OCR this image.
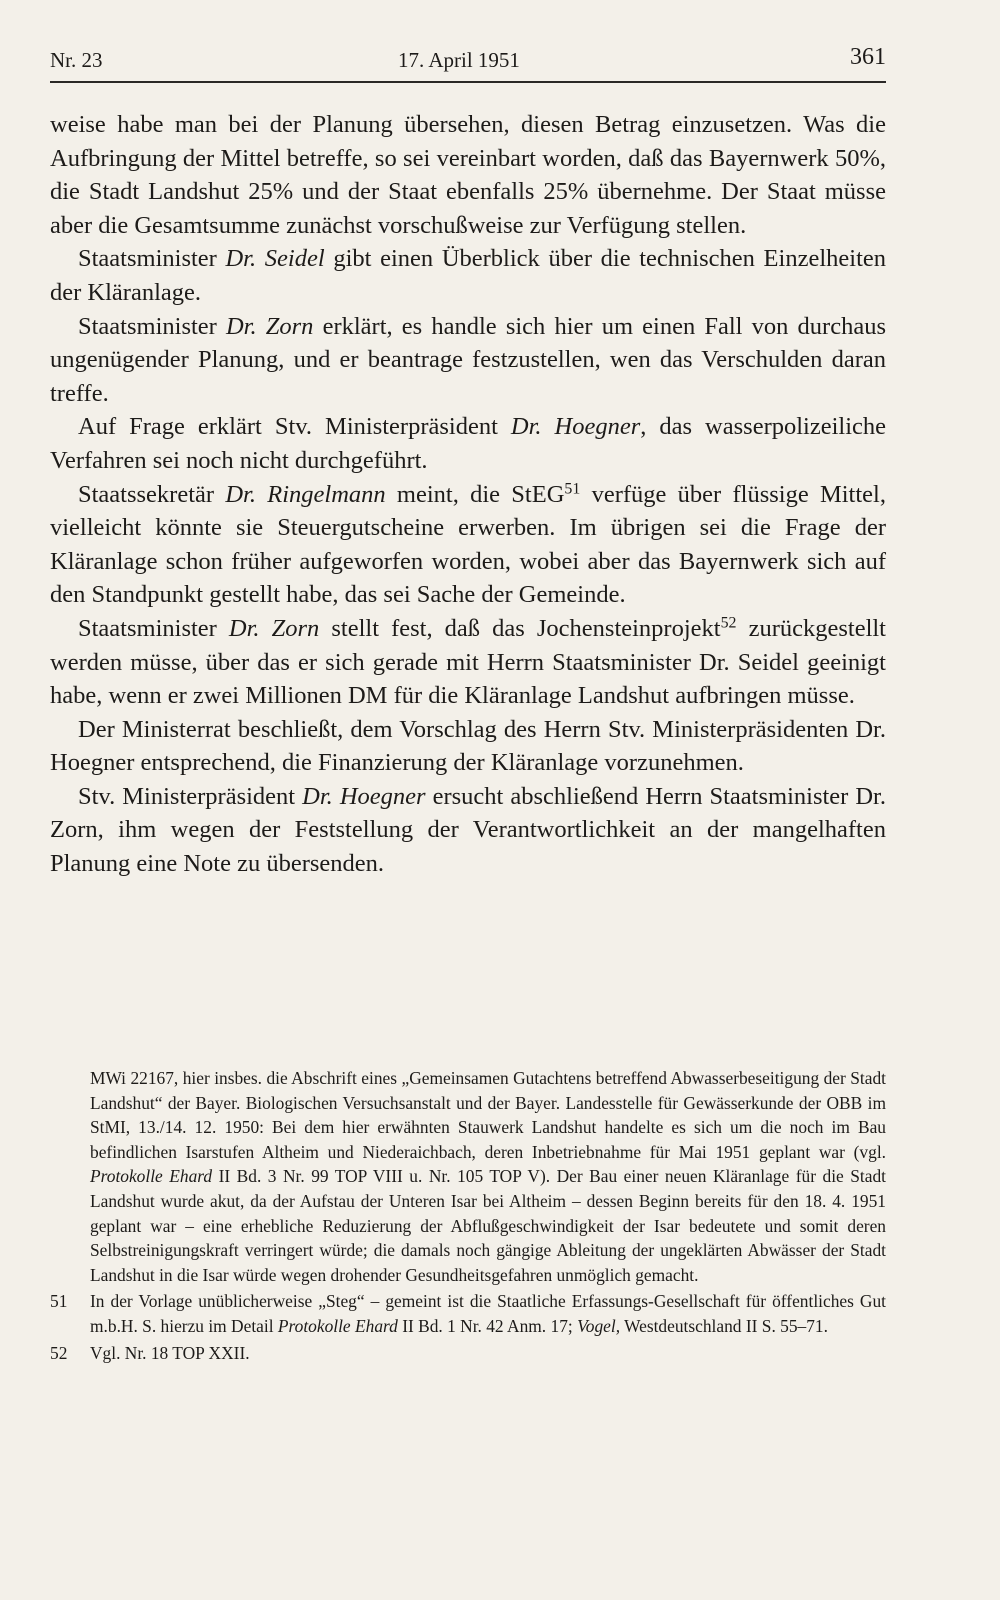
Nr. 23	17. April 1951	361

weise habe man bei der Planung übersehen, diesen Betrag einzusetzen. Was die Aufbringung der Mittel betreffe, so sei vereinbart worden, daß das Bayernwerk 50%, die Stadt Landshut 25% und der Staat ebenfalls 25% übernehme. Der Staat müsse aber die Gesamtsumme zunächst vorschußweise zur Verfügung stellen.

Staatsminister Dr. Seidel gibt einen Überblick über die technischen Einzelheiten der Kläranlage.

Staatsminister Dr. Zorn erklärt, es handle sich hier um einen Fall von durchaus ungenügender Planung, und er beantrage festzustellen, wen das Verschulden daran treffe.

Auf Frage erklärt Stv. Ministerpräsident Dr. Hoegner, das wasserpolizeiliche Verfahren sei noch nicht durchgeführt.

Staatssekretär Dr. Ringelmann meint, die StEG$^{51}$ verfüge über flüssige Mittel, vielleicht könnte sie Steuergutscheine erwerben. Im übrigen sei die Frage der Kläranlage schon früher aufgeworfen worden, wobei aber das Bayernwerk sich auf den Standpunkt gestellt habe, das sei Sache der Gemeinde.

Staatsminister Dr. Zorn stellt fest, daß das Jochensteinprojekt$^{52}$ zurückgestellt werden müsse, über das er sich gerade mit Herrn Staatsminister Dr. Seidel geeinigt habe, wenn er zwei Millionen DM für die Kläranlage Landshut aufbringen müsse.

Der Ministerrat beschließt, dem Vorschlag des Herrn Stv. Ministerpräsidenten Dr. Hoegner entsprechend, die Finanzierung der Kläranlage vorzunehmen.

Stv. Ministerpräsident Dr. Hoegner ersucht abschließend Herrn Staatsminister Dr. Zorn, ihm wegen der Feststellung der Verantwortlichkeit an der mangelhaften Planung eine Note zu übersenden.

MWi 22167, hier insbes. die Abschrift eines „Gemeinsamen Gutachtens betreffend Abwasserbeseitigung der Stadt Landshut“ der Bayer. Biologischen Versuchsanstalt und der Bayer. Landesstelle für Gewässerkunde der OBB im StMI, 13./14. 12. 1950: Bei dem hier erwähnten Stauwerk Landshut handelte es sich um die noch im Bau befindlichen Isarstufen Altheim und Niederaichbach, deren Inbetriebnahme für Mai 1951 geplant war (vgl. Protokolle Ehard II Bd. 3 Nr. 99 TOP VIII u. Nr. 105 TOP V). Der Bau einer neuen Kläranlage für die Stadt Landshut wurde akut, da der Aufstau der Unteren Isar bei Altheim – dessen Beginn bereits für den 18. 4. 1951 geplant war – eine erhebliche Reduzierung der Abflußgeschwindigkeit der Isar bedeutete und somit deren Selbstreinigungskraft verringert würde; die damals noch gängige Ableitung der ungeklärten Abwässer der Stadt Landshut in die Isar würde wegen drohender Gesundheitsgefahren unmöglich gemacht.

51 In der Vorlage unüblicherweise „Steg“ – gemeint ist die Staatliche Erfassungs-Gesellschaft für öffentliches Gut m.b.H. S. hierzu im Detail Protokolle Ehard II Bd. 1 Nr. 42 Anm. 17; Vogel, Westdeutschland II S. 55–71.

52 Vgl. Nr. 18 TOP XXII.
